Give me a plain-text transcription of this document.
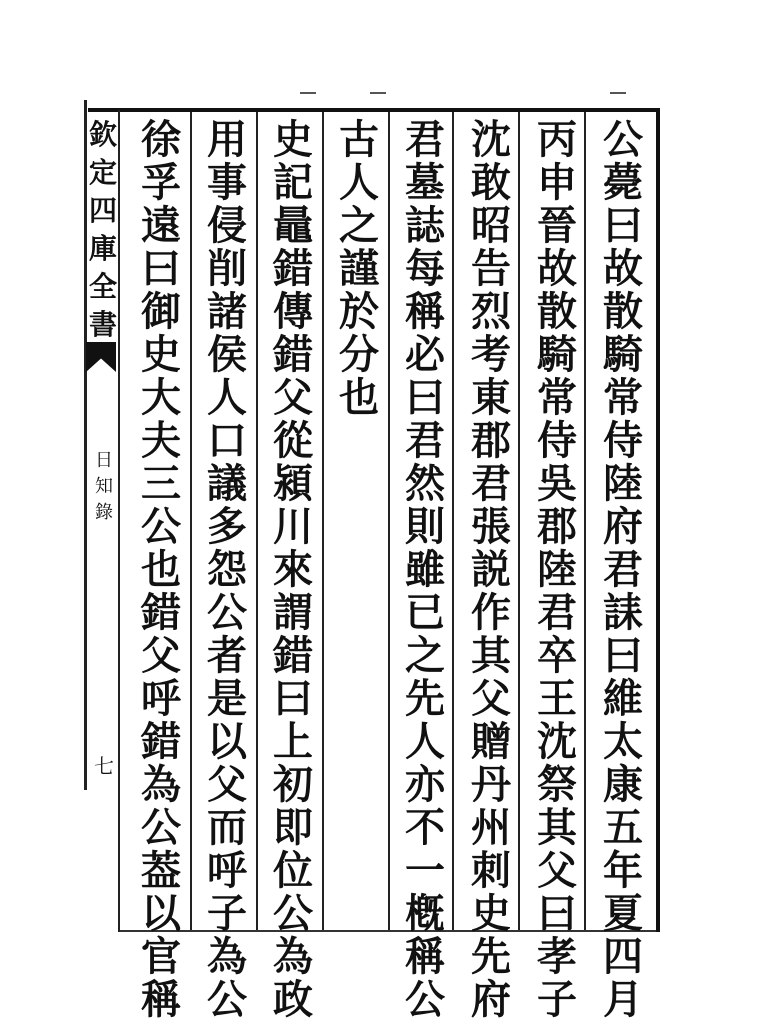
公
薨
曰
故
散
騎
常
侍
陸
府
君
誄
曰
維
太
康
五
年
夏
四
月
丙
申
晉
故
散
騎
常
侍
吳
郡
陸
君
卒
王
沈
祭
其
父
曰
孝
子
沈
敢
昭
告
烈
考
東
郡
君
張
説
作
其
父
贈
丹
州
刺
史
先
府
君
墓
誌
每
稱
必
曰
君
然
則
雖
已
之
先
人
亦
不
一
槪
稱
公
古
人
之
謹
於
分
也
史
記
鼂
錯
傳
錯
父
從
潁
川
來
謂
錯
曰
上
初
即
位
公
為
政
用
事
侵
削
諸
侯
人
口
議
多
怨
公
者
是
以
父
而
呼
子
為
公
徐
孚
遠
曰
御
史
大
夫
三
公
也
錯
父
呼
錯
為
公
葢
以
官
稱
欽
定
四
庫
全
書
日
知
錄
七
